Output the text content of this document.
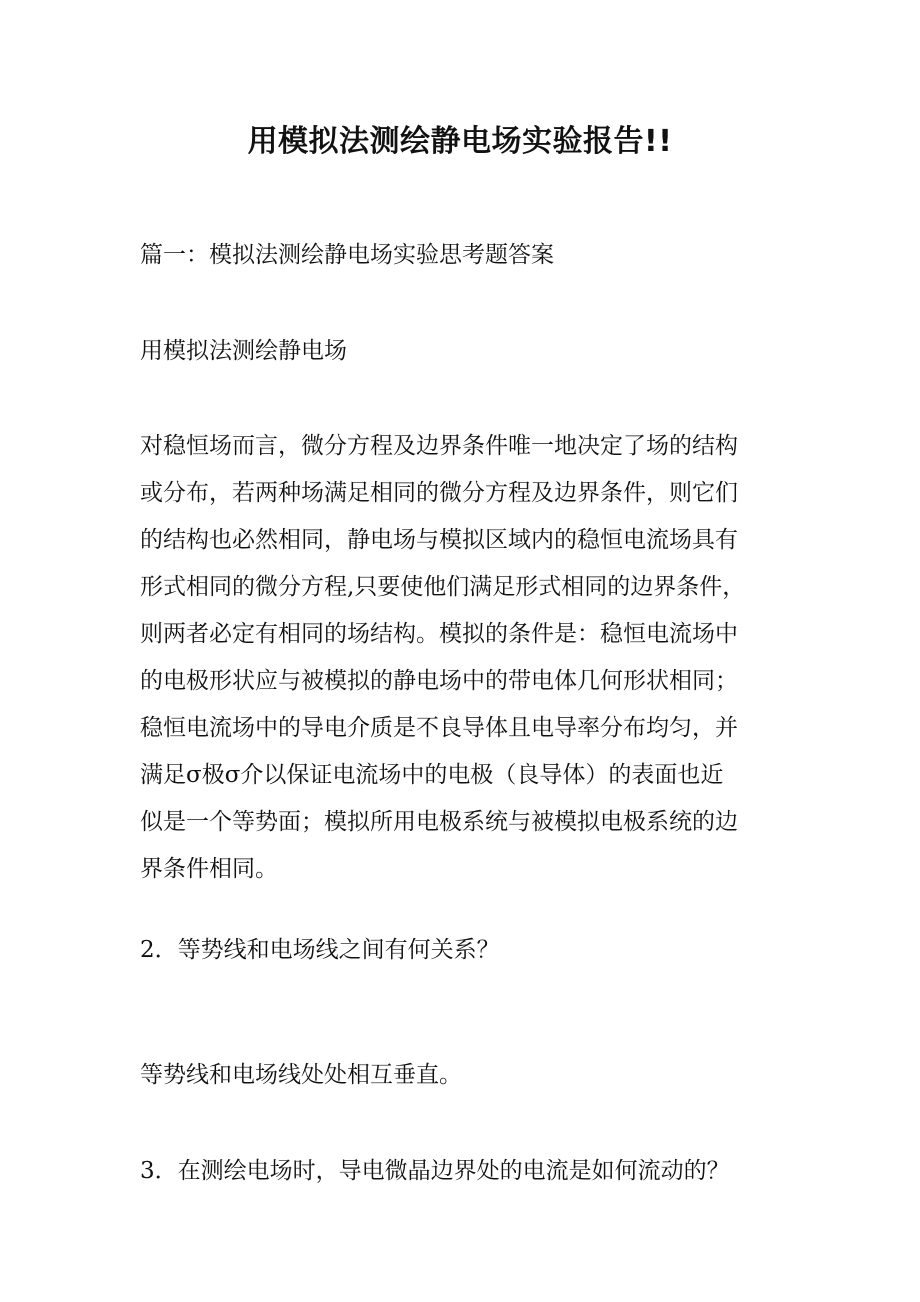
用模拟法测绘静电场实验报告!!

篇一：模拟法测绘静电场实验思考题答案

用模拟法测绘静电场

对稳恒场而言，微分方程及边界条件唯一地决定了场的结构
或分布，若两种场满足相同的微分方程及边界条件，则它们
的结构也必然相同，静电场与模拟区域内的稳恒电流场具有
形式相同的微分方程,只要使他们满足形式相同的边界条件，
则两者必定有相同的场结构。模拟的条件是：稳恒电流场中
的电极形状应与被模拟的静电场中的带电体几何形状相同；
稳恒电流场中的导电介质是不良导体且电导率分布均匀，并
满足σ极σ介以保证电流场中的电极（良导体）的表面也近
似是一个等势面；模拟所用电极系统与被模拟电极系统的边
界条件相同。

2．等势线和电场线之间有何关系？

等势线和电场线处处相互垂直。

3．在测绘电场时，导电微晶边界处的电流是如何流动的？
